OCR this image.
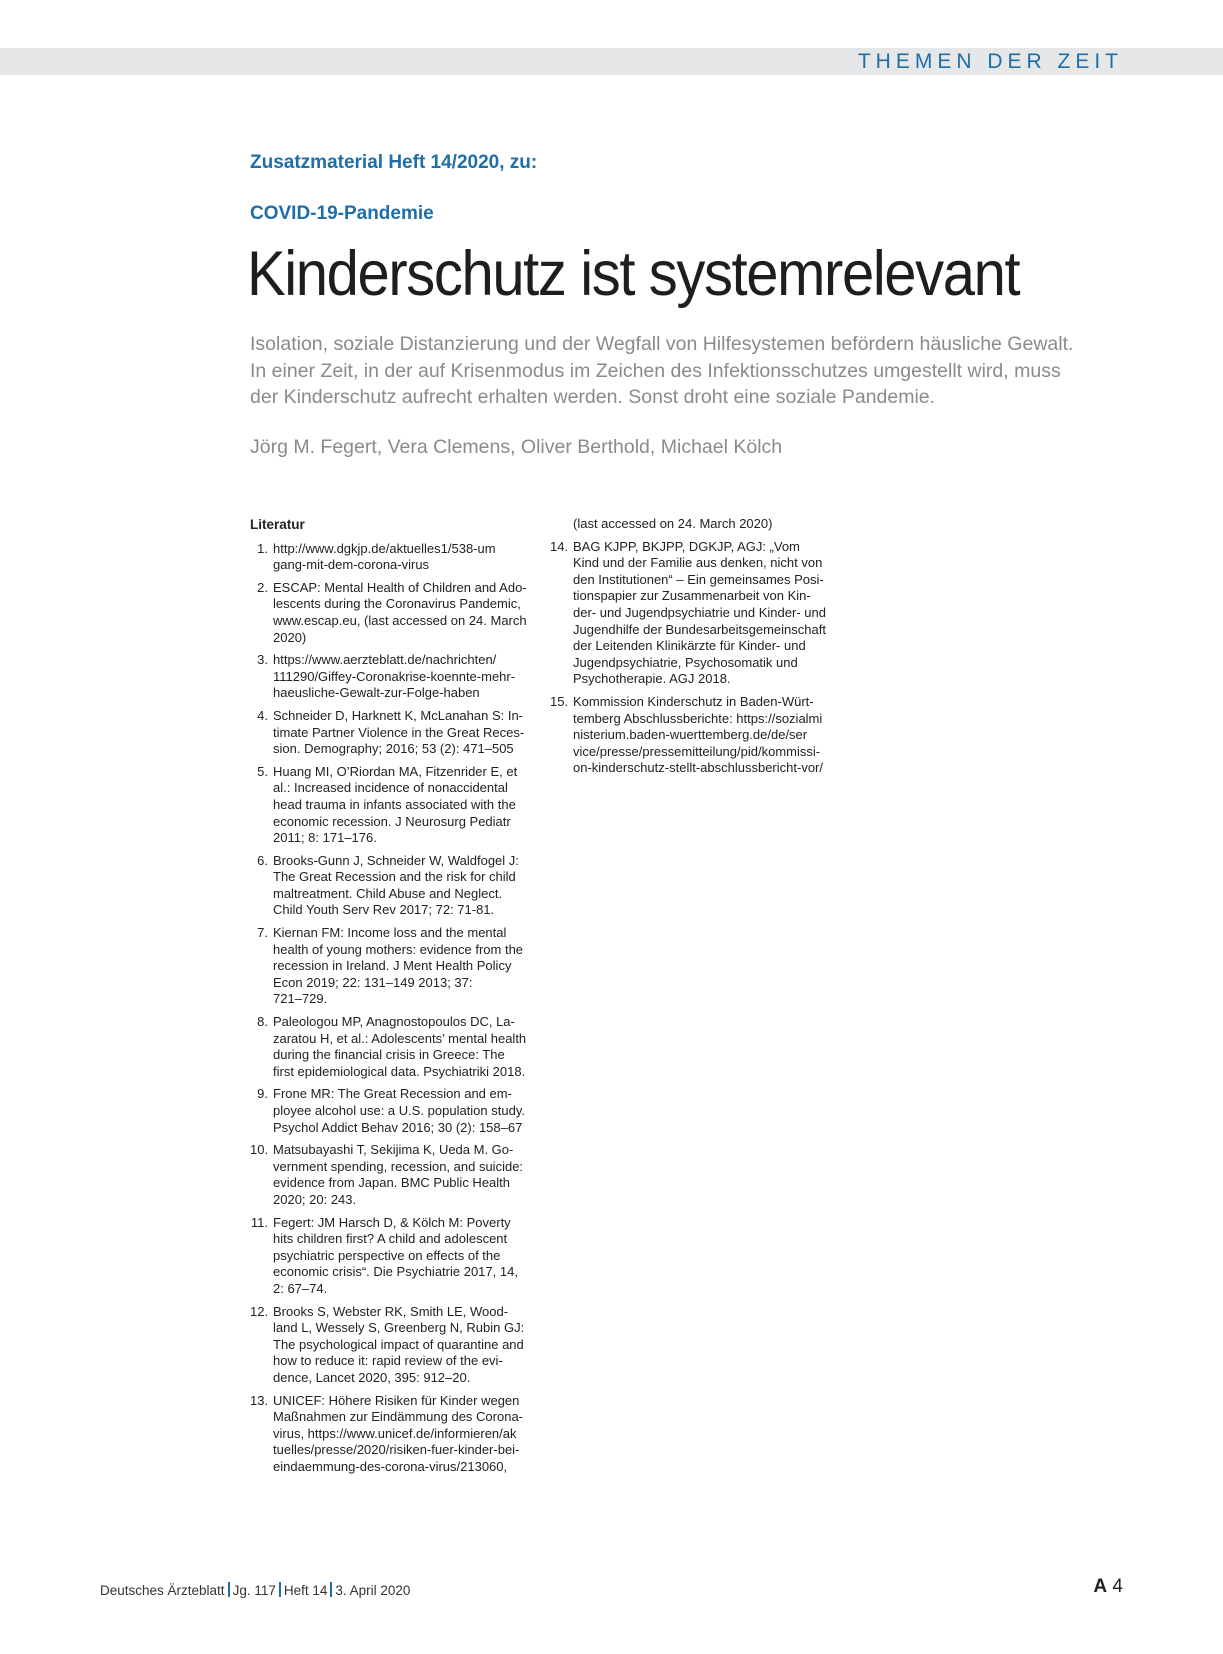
THEMEN DER ZEIT
Zusatzmaterial Heft 14/2020, zu:
COVID-19-Pandemie
Kinderschutz ist systemrelevant

Isolation, soziale Distanzierung und der Wegfall von Hilfesystemen befördern häusliche Gewalt.

In einer Zeit, in der auf Krisenmodus im Zeichen des Infektionsschutzes umgestellt wird, muss

der Kinderschutz aufrecht erhalten werden. Sonst droht eine soziale Pandemie.

Jörg M. Fegert, Vera Clemens, Oliver Berthold, Michael Kölch
Literatur
1. http://www.dgkjp.de/aktuelles1/538-um
gang-mit-dem-corona-virus
2. ESCAP: Mental Health of Children and Ado-
lescents during the Coronavirus Pandemic,
www.escap.eu, (last accessed on 24. March
2020)
3. https://www.aerzteblatt.de/nachrichten/
111290/Giffey-Coronakrise-koennte-mehr-
haeusliche-Gewalt-zur-Folge-haben
4. Schneider D, Harknett K, McLanahan S: In-
timate Partner Violence in the Great Reces-
sion. Demography; 2016; 53 (2): 471–505
5. Huang MI, O’Riordan MA, Fitzenrider E, et
al.: Increased incidence of nonaccidental
head trauma in infants associated with the
economic recession. J Neurosurg Pediatr
2011; 8: 171–176.
6. Brooks-Gunn J, Schneider W, Waldfogel J:
The Great Recession and the risk for child
maltreatment. Child Abuse and Neglect.
Child Youth Serv Rev 2017; 72: 71-81.
7. Kiernan FM: Income loss and the mental
health of young mothers: evidence from the
recession in Ireland. J Ment Health Policy
Econ 2019; 22: 131–149 2013; 37:
721–729.
8. Paleologou MP, Anagnostopoulos DC, La-
zaratou H, et al.: Adolescents’ mental health
during the financial crisis in Greece: The
first epidemiological data. Psychiatriki 2018.
9. Frone MR: The Great Recession and em-
ployee alcohol use: a U.S. population study.
Psychol Addict Behav 2016; 30 (2): 158–67
10. Matsubayashi T, Sekijima K, Ueda M. Go-
vernment spending, recession, and suicide:
evidence from Japan. BMC Public Health
2020; 20: 243.
11. Fegert: JM Harsch D, & Kölch M: Poverty
hits children first? A child and adolescent
psychiatric perspective on effects of the
economic crisis“. Die Psychiatrie 2017, 14,
2: 67–74.
12. Brooks S, Webster RK, Smith LE, Wood-
land L, Wessely S, Greenberg N, Rubin GJ:
The psychological impact of quarantine and
how to reduce it: rapid review of the evi-
dence, Lancet 2020, 395: 912–20.
13. UNICEF: Höhere Risiken für Kinder wegen
Maßnahmen zur Eindämmung des Corona-
virus, https://www.unicef.de/informieren/ak
tuelles/presse/2020/risiken-fuer-kinder-bei-
eindaemmung-des-corona-virus/213060,
(last accessed on 24. March 2020)
14. BAG KJPP, BKJPP, DGKJP, AGJ: „Vom
Kind und der Familie aus denken, nicht von
den Institutionen“ – Ein gemeinsames Posi-
tionspapier zur Zusammenarbeit von Kin-
der- und Jugendpsychiatrie und Kinder- und
Jugendhilfe der Bundesarbeitsgemeinschaft
der Leitenden Klinikärzte für Kinder- und
Jugendpsychiatrie, Psychosomatik und
Psychotherapie. AGJ 2018.
15. Kommission Kinderschutz in Baden-Würt-
temberg Abschlussberichte: https://sozialmi
nisterium.baden-wuerttemberg.de/de/ser
vice/presse/pressemitteilung/pid/kommissi-
on-kinderschutz-stellt-abschlussbericht-vor/
Deutsches Ärzteblatt Jg. 117 Heft 14 3. April 2020	A 4
